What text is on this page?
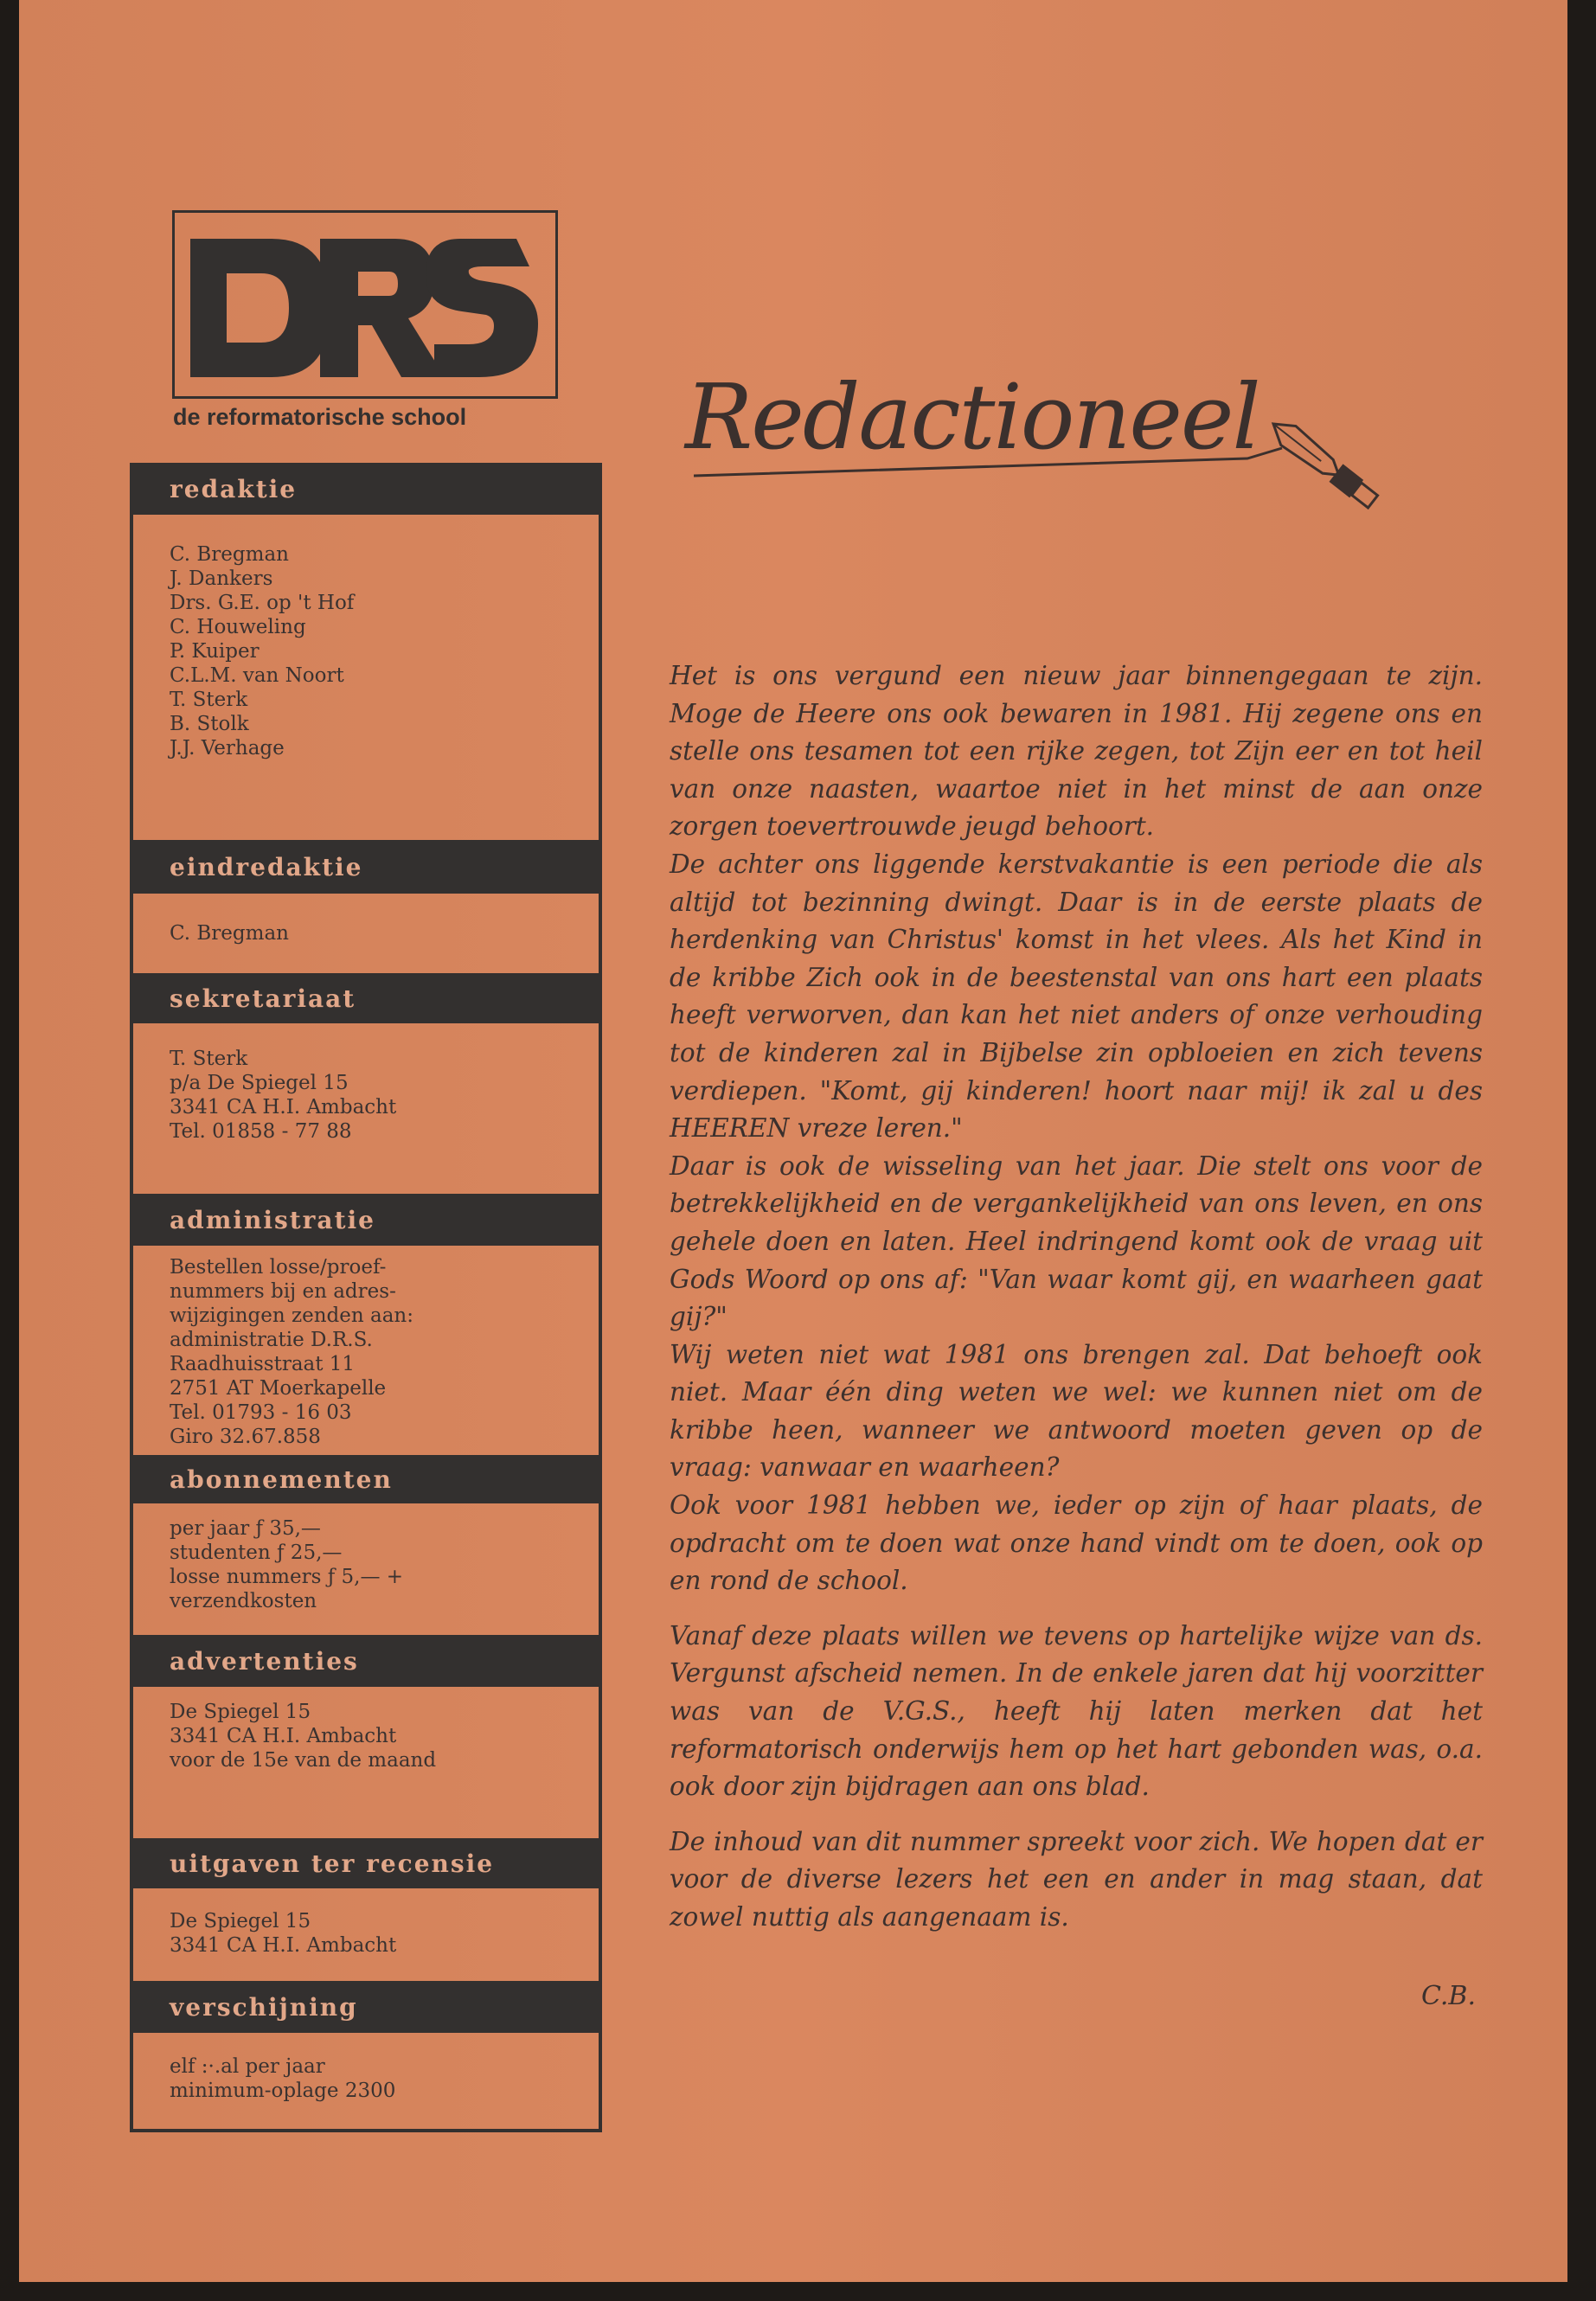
de reformatorische school
redaktie
C. Bregman
J. Dankers
Drs. G.E. op 't Hof
C. Houweling
P. Kuiper
C.L.M. van Noort
T. Sterk
B. Stolk
J.J. Verhage
eindredaktie
C. Bregman
sekretariaat
T. Sterk
p/a De Spiegel 15
3341 CA H.I. Ambacht
Tel. 01858 - 77 88
administratie
Bestellen losse/proef-
nummers bij en adres-
wijzigingen zenden aan:
administratie D.R.S.
Raadhuisstraat 11
2751 AT Moerkapelle
Tel. 01793 - 16 03
Giro 32.67.858
abonnementen
per jaar ƒ 35,—
studenten ƒ 25,—
losse nummers ƒ 5,— +
verzendkosten
advertenties
De Spiegel 15
3341 CA H.I. Ambacht
voor de 15e van de maand
uitgaven ter recensie
De Spiegel 15
3341 CA H.I. Ambacht
verschijning
elf :·.al per jaar
minimum-oplage 2300
Redactioneel

Het is ons vergund een nieuw jaar binnengegaan te zijn. Moge de Heere ons ook bewaren in 1981. Hij zegene ons en stelle ons tesamen tot een rijke zegen, tot Zijn eer en tot heil van onze naasten, waartoe niet in het minst de aan onze zorgen toevertrouwde jeugd behoort.

De achter ons liggende kerstvakantie is een periode die als altijd tot bezinning dwingt. Daar is in de eerste plaats de herdenking van Christus' komst in het vlees. Als het Kind in de kribbe Zich ook in de beestenstal van ons hart een plaats heeft verworven, dan kan het niet anders of onze verhouding tot de kinderen zal in Bijbelse zin opbloeien en zich tevens verdiepen. "Komt, gij kinderen! hoort naar mij! ik zal u des HEEREN vreze leren."

Daar is ook de wisseling van het jaar. Die stelt ons voor de betrekkelijkheid en de vergankelijkheid van ons leven, en ons gehele doen en laten. Heel indringend komt ook de vraag uit Gods Woord op ons af: "Van waar komt gij, en waarheen gaat gij?"

Wij weten niet wat 1981 ons brengen zal. Dat behoeft ook niet. Maar één ding weten we wel: we kunnen niet om de kribbe heen, wanneer we antwoord moeten geven op de vraag: vanwaar en waarheen?

Ook voor 1981 hebben we, ieder op zijn of haar plaats, de opdracht om te doen wat onze hand vindt om te doen, ook op en rond de school.

Vanaf deze plaats willen we tevens op hartelijke wijze van ds. Vergunst afscheid nemen. In de enkele jaren dat hij voorzitter was van de V.G.S., heeft hij laten merken dat het reformatorisch onderwijs hem op het hart gebonden was, o.a. ook door zijn bijdragen aan ons blad.

De inhoud van dit nummer spreekt voor zich. We hopen dat er voor de diverse lezers het een en ander in mag staan, dat zowel nuttig als aangenaam is.

C.B.
